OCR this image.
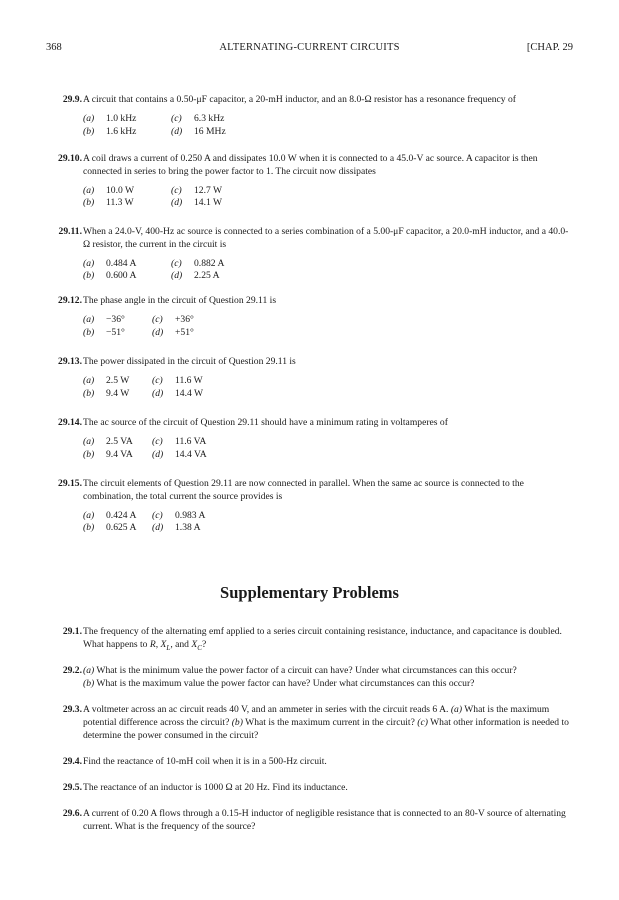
368	ALTERNATING-CURRENT CIRCUITS	[CHAP. 29
29.9. A circuit that contains a 0.50-μF capacitor, a 20-mH inductor, and an 8.0-Ω resistor has a resonance frequency of
(a) 1.0 kHz	(c) 6.3 kHz
(b) 1.6 kHz	(d) 16 MHz
29.10. A coil draws a current of 0.250 A and dissipates 10.0 W when it is connected to a 45.0-V ac source. A capacitor is then connected in series to bring the power factor to 1. The circuit now dissipates
(a) 10.0 W	(c) 12.7 W
(b) 11.3 W	(d) 14.1 W
29.11. When a 24.0-V, 400-Hz ac source is connected to a series combination of a 5.00-μF capacitor, a 20.0-mH inductor, and a 40.0-Ω resistor, the current in the circuit is
(a) 0.484 A	(c) 0.882 A
(b) 0.600 A	(d) 2.25 A
29.12. The phase angle in the circuit of Question 29.11 is
(a) −36°	(c) +36°
(b) −51°	(d) +51°
29.13. The power dissipated in the circuit of Question 29.11 is
(a) 2.5 W	(c) 11.6 W
(b) 9.4 W	(d) 14.4 W
29.14. The ac source of the circuit of Question 29.11 should have a minimum rating in voltamperes of
(a) 2.5 VA	(c) 11.6 VA
(b) 9.4 VA	(d) 14.4 VA
29.15. The circuit elements of Question 29.11 are now connected in parallel. When the same ac source is connected to the combination, the total current the source provides is
(a) 0.424 A	(c) 0.983 A
(b) 0.625 A	(d) 1.38 A
Supplementary Problems
29.1. The frequency of the alternating emf applied to a series circuit containing resistance, inductance, and capacitance is doubled. What happens to R, $X_L$, and $X_C$?
29.2. (a) What is the minimum value the power factor of a circuit can have? Under what circumstances can this occur?
(b) What is the maximum value the power factor can have? Under what circumstances can this occur?
29.3. A voltmeter across an ac circuit reads 40 V, and an ammeter in series with the circuit reads 6 A. (a) What is the maximum potential difference across the circuit? (b) What is the maximum current in the circuit? (c) What other information is needed to determine the power consumed in the circuit?
29.4. Find the reactance of 10-mH coil when it is in a 500-Hz circuit.
29.5. The reactance of an inductor is 1000 Ω at 20 Hz. Find its inductance.
29.6. A current of 0.20 A flows through a 0.15-H inductor of negligible resistance that is connected to an 80-V source of alternating current. What is the frequency of the source?
